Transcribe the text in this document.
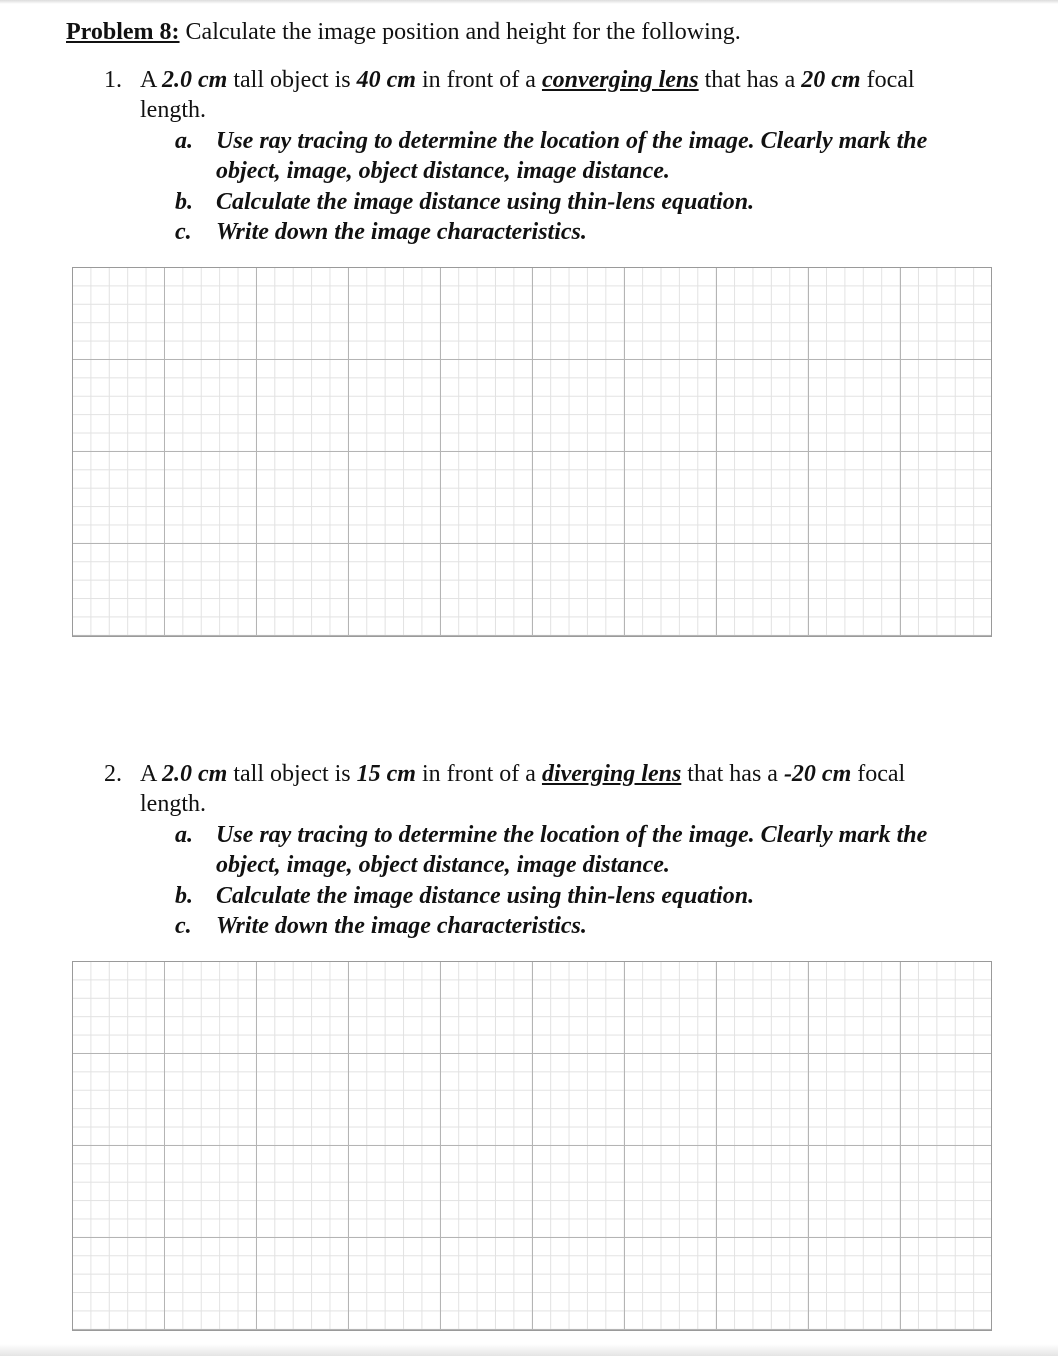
Problem 8: Calculate the image position and height for the following.
1. A 2.0 cm tall object is 40 cm in front of a converging lens that has a 20 cm focal
length.
a. Use ray tracing to determine the location of the image. Clearly mark the
object, image, object distance, image distance.
b. Calculate the image distance using thin-lens equation.
c. Write down the image characteristics.
2. A 2.0 cm tall object is 15 cm in front of a diverging lens that has a -20 cm focal
length.
a. Use ray tracing to determine the location of the image. Clearly mark the
object, image, object distance, image distance.
b. Calculate the image distance using thin-lens equation.
c. Write down the image characteristics.
